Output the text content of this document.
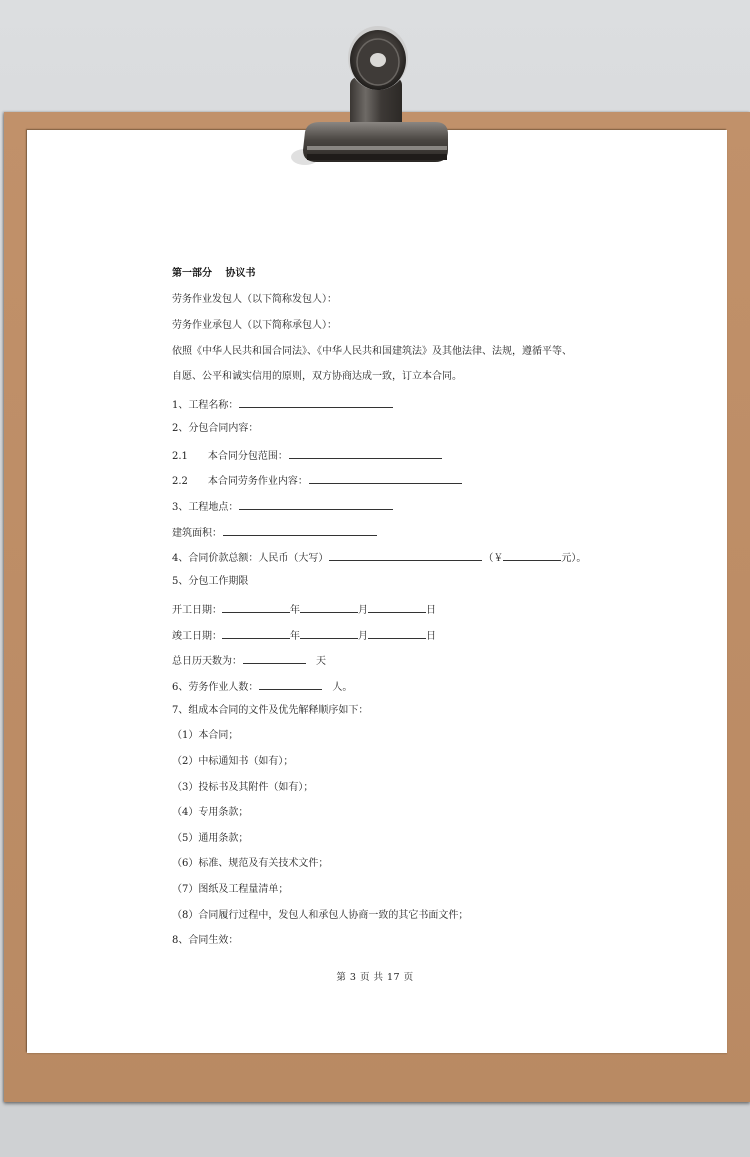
第一部分　 协议书
劳务作业发包人（以下简称发包人）：
劳务作业承包人（以下简称承包人）：
依照《中华人民共和国合同法》、《中华人民共和国建筑法》及其他法律、法规，遵循平等、
自愿、公平和诚实信用的原则，双方协商达成一致，订立本合同。
1、工程名称：
2、分包合同内容：
2.1 本合同分包范围：
2.2 本合同劳务作业内容：
3、工程地点：
建筑面积：
4、合同价款总额：人民币（大写）	（￥	元）。
5、分包工作期限
开工日期：	年	月	日
竣工日期：	年	月	日
总日历天数为：	天
6、劳务作业人数：	人。
7、组成本合同的文件及优先解释顺序如下：
（1）本合同；
（2）中标通知书（如有）；
（3）投标书及其附件（如有）；
（4）专用条款；
（5）通用条款；
（6）标准、规范及有关技术文件；
（7）图纸及工程量清单；
（8）合同履行过程中，发包人和承包人协商一致的其它书面文件；
8、合同生效：
第 3 页 共 17 页
